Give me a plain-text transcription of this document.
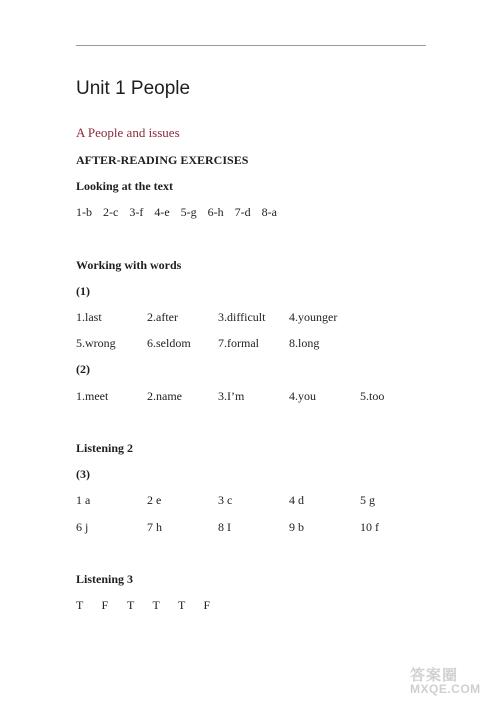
Unit 1 People
A People and issues
AFTER-READING EXERCISES
Looking at the text
1-b 2-c 3-f 4-e 5-g 6-h 7-d 8-a
Working with words
(1)
1.last	2.after	3.difficult 4.younger
5.wrong	6.seldom 7.formal	8.long
(2)
1.meet	2.name	3.I’m	4.you	5.too
Listening 2
(3)
1 a	2 e	3 c	4 d	5 g
6 j	7 h	8 I	9 b	10 f
Listening 3
T F T T T F
答案圈
MXQE.COM
